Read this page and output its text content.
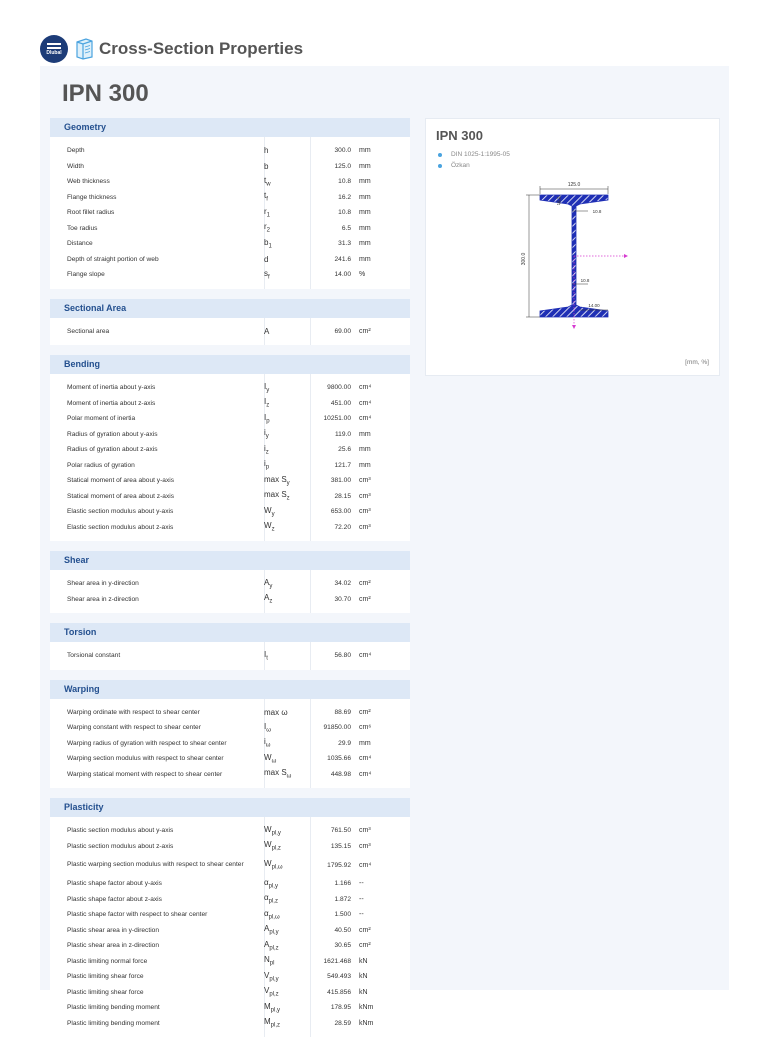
Dlubal Cross-Section Properties
IPN 300
Geometry
Depth	h	300.0	mm
Width	b	125.0	mm
Web thickness	$t_w$	10.8	mm
Flange thickness	$t_f$	16.2	mm
Root fillet radius	$r_1$	10.8	mm
Toe radius	$r_2$	6.5	mm
Distance	$b_1$	31.3	mm
Depth of straight portion of web	d	241.6	mm
Flange slope	$s_f$	14.00	%
Sectional Area
Sectional area	A	69.00	cm²
Bending
Moment of inertia about y-axis	$I_y$	9800.00	cm⁴
Moment of inertia about z-axis	$I_z$	451.00	cm⁴
Polar moment of inertia	$I_p$	10251.00	cm⁴
Radius of gyration about y-axis	$i_y$	119.0	mm
Radius of gyration about z-axis	$i_z$	25.6	mm
Polar radius of gyration	$i_p$	121.7	mm
Statical moment of area about y-axis	$\max S_y$	381.00	cm³
Statical moment of area about z-axis	$\max S_z$	28.15	cm³
Elastic section modulus about y-axis	$W_y$	653.00	cm³
Elastic section modulus about z-axis	$W_z$	72.20	cm³
Shear
Shear area in y-direction	$A_y$	34.02	cm²
Shear area in z-direction	$A_z$	30.70	cm²
Torsion
Torsional constant	$I_t$	56.80	cm⁴
Warping
Warping ordinate with respect to shear center	max ω	88.69	cm²
Warping constant with respect to shear center	$I_\omega$	91850.00	cm⁶
Warping radius of gyration with respect to shear center	$i_\omega$	29.9	mm
Warping section modulus with respect to shear center	$W_\omega$	1035.66	cm⁴
Warping statical moment with respect to shear center	$\max S_\omega$	448.98	cm⁴
Plasticity
Plastic section modulus about y-axis	$W_{pl,y}$	761.50	cm³
Plastic section modulus about z-axis	$W_{pl,z}$	135.15	cm³
Plastic warping section modulus with respect to shear center	$W_{pl,\omega}$	1795.92	cm⁴
Plastic shape factor about y-axis	$\alpha_{pl,y}$	1.166	--
Plastic shape factor about z-axis	$\alpha_{pl,z}$	1.872	--
Plastic shape factor with respect to shear center	$\alpha_{pl,\omega}$	1.500	--
Plastic shear area in y-direction	$A_{pl,y}$	40.50	cm²
Plastic shear area in z-direction	$A_{pl,z}$	30.65	cm²
Plastic limiting normal force	$N_{pl}$	1621.468	kN
Plastic limiting shear force	$V_{pl,y}$	549.493	kN
Plastic limiting shear force	$V_{pl,z}$	415.856	kN
Plastic limiting bending moment	$M_{pl,y}$	178.95	kNm
Plastic limiting bending moment	$M_{pl,z}$	28.59	kNm
IPN 300
DIN 1025-1:1995-05
Özkan
125.0
300.0
16.2
10.8
10.8
14.00
[mm, %]
